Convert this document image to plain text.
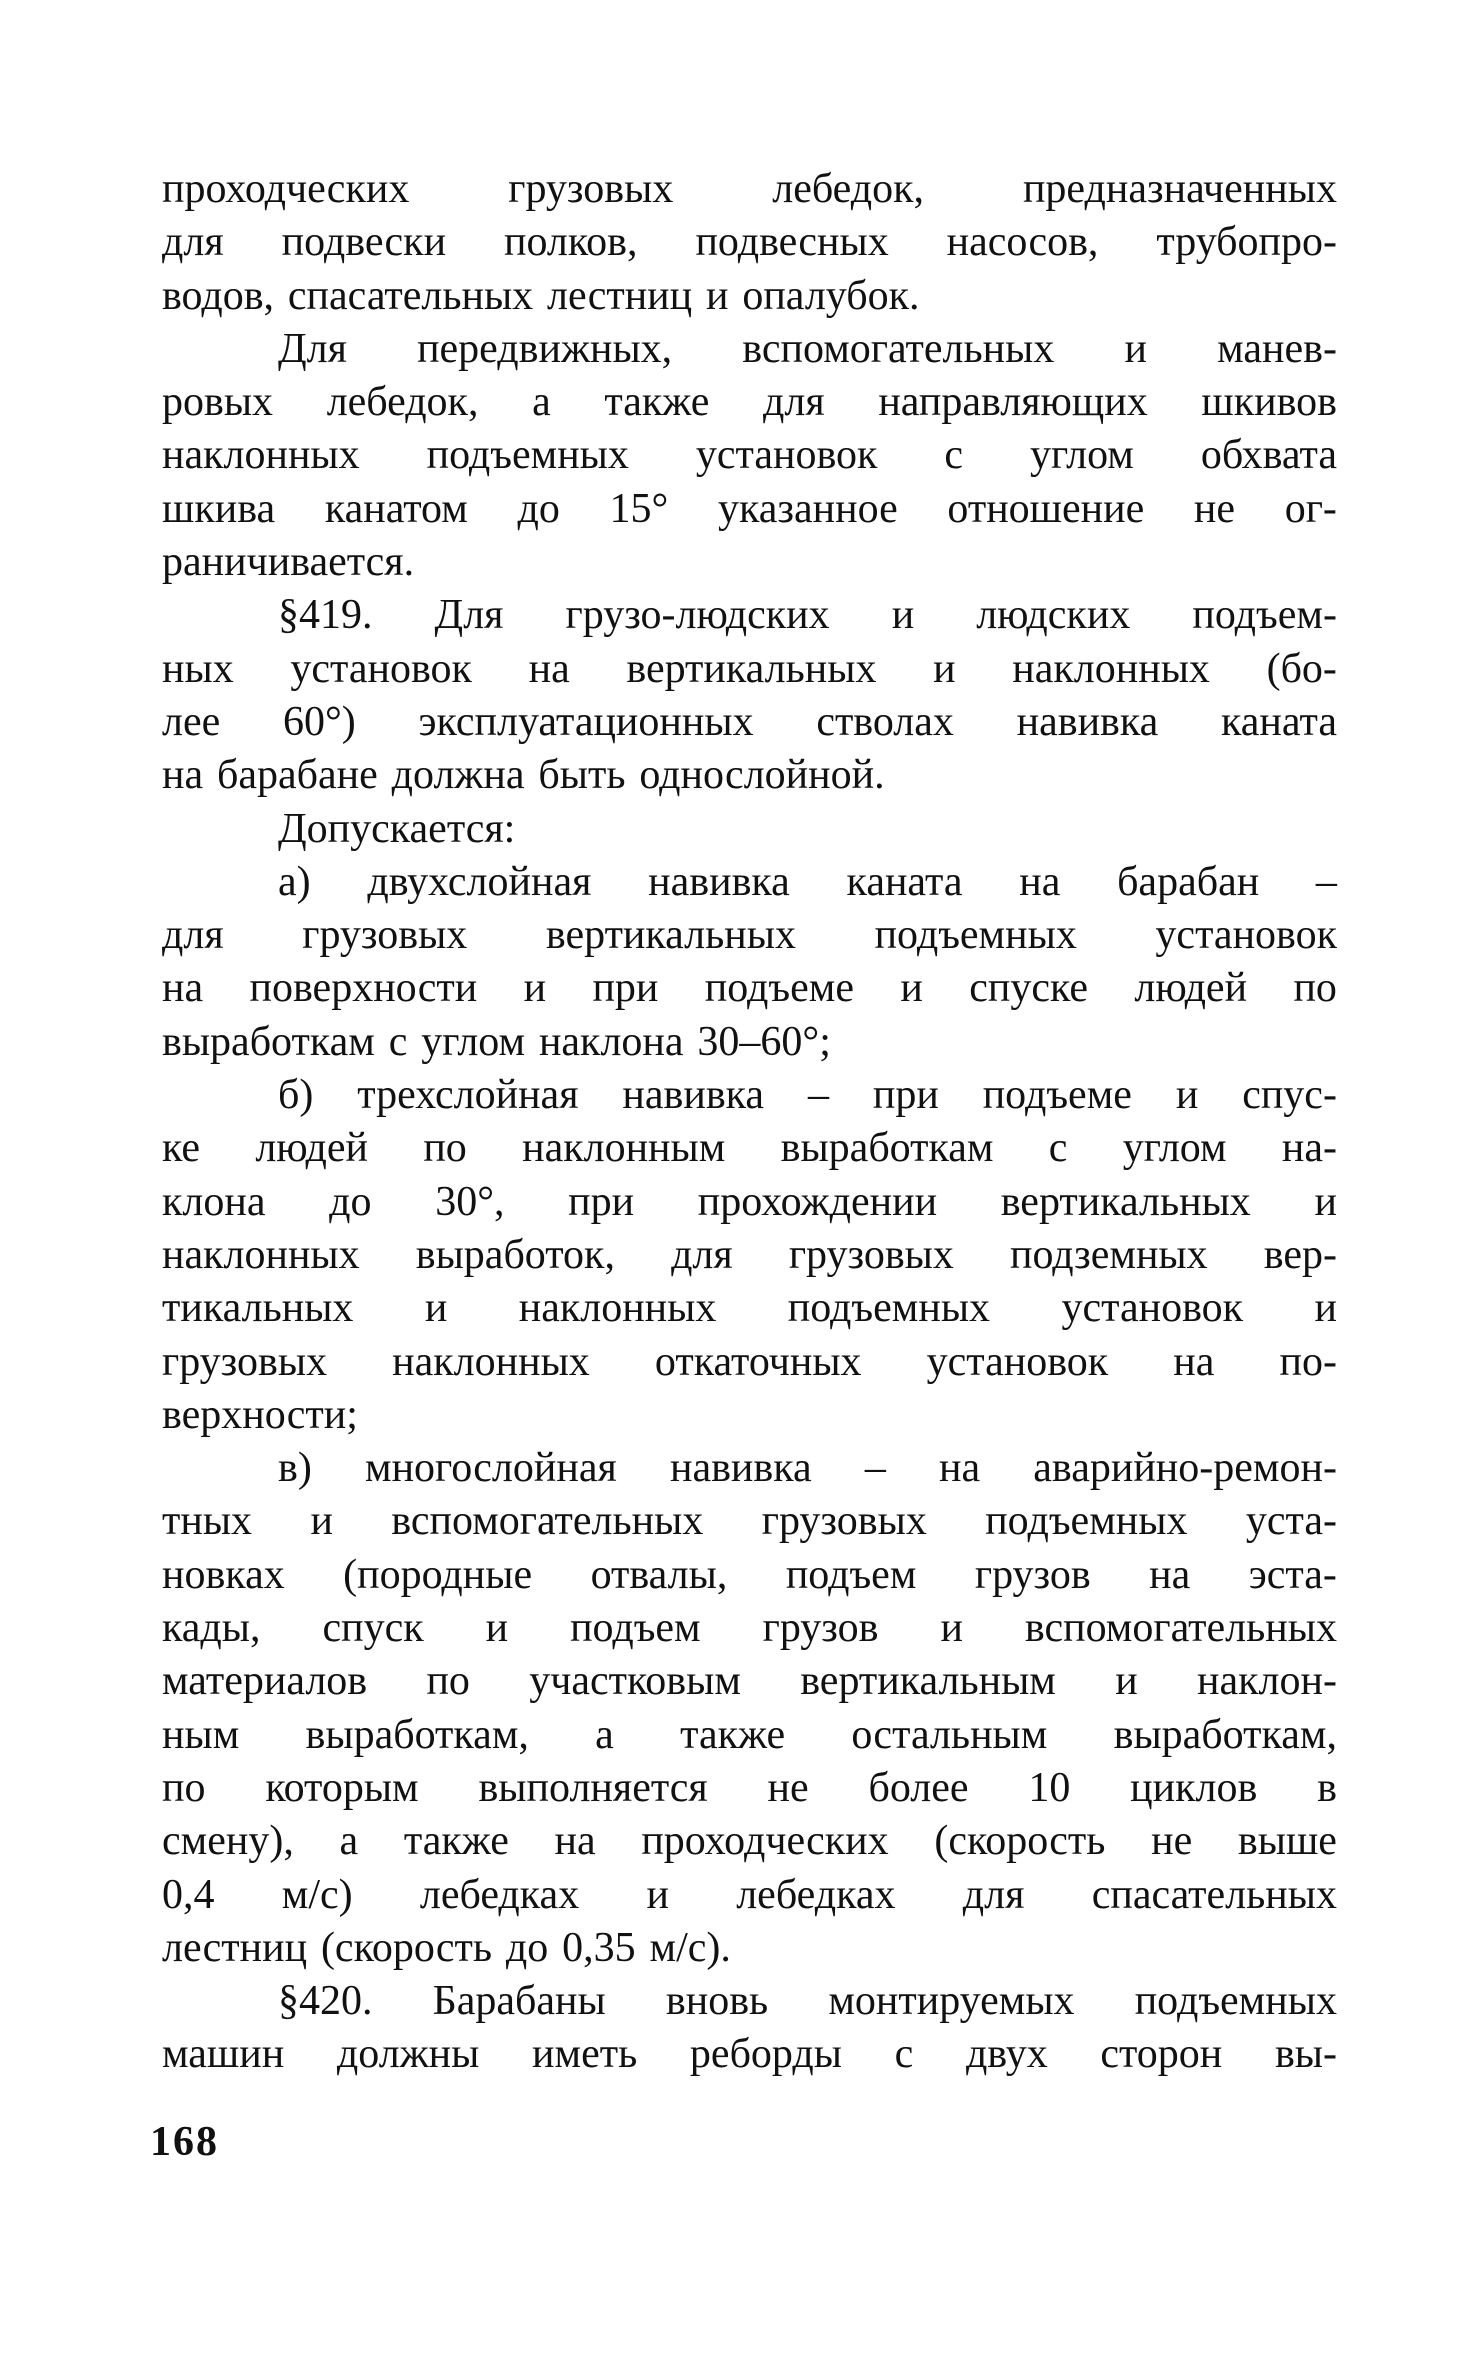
проходческих грузовых лебедок, предназначенных
для подвески полков, подвесных насосов, трубопро-
водов, спасательных лестниц и опалубок.
Для передвижных, вспомогательных и манев-
ровых лебедок, а также для направляющих шкивов
наклонных подъемных установок с углом обхвата
шкива канатом до 15° указанное отношение не ог-
раничивается.
§419. Для грузо-людских и людских подъем-
ных установок на вертикальных и наклонных (бо-
лее 60°) эксплуатационных стволах навивка каната
на барабане должна быть однослойной.
Допускается:
а) двухслойная навивка каната на барабан –
для грузовых вертикальных подъемных установок
на поверхности и при подъеме и спуске людей по
выработкам с углом наклона 30–60°;
б) трехслойная навивка – при подъеме и спус-
ке людей по наклонным выработкам с углом на-
клона до 30°, при прохождении вертикальных и
наклонных выработок, для грузовых подземных вер-
тикальных и наклонных подъемных установок и
грузовых наклонных откаточных установок на по-
верхности;
в) многослойная навивка – на аварийно-ремон-
тных и вспомогательных грузовых подъемных уста-
новках (породные отвалы, подъем грузов на эста-
кады, спуск и подъем грузов и вспомогательных
материалов по участковым вертикальным и наклон-
ным выработкам, а также остальным выработкам,
по которым выполняется не более 10 циклов в
смену), а также на проходческих (скорость не выше
0,4 м/с) лебедках и лебедках для спасательных
лестниц (скорость до 0,35 м/с).
§420. Барабаны вновь монтируемых подъемных
машин должны иметь реборды с двух сторон вы-
168
